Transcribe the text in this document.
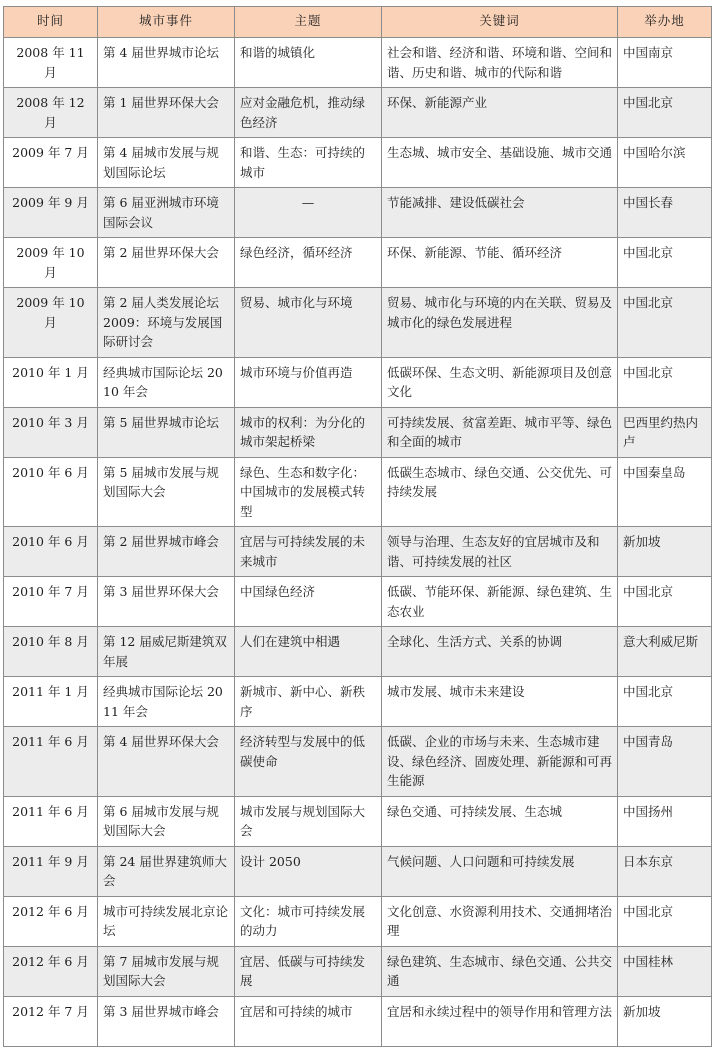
时间	城市事件	主题	关键词	举办地
2008 年 11 月	第 4 届世界城市论坛	和谐的城镇化	社会和谐、经济和谐、环境和谐、空间和谐、历史和谐、城市的代际和谐	中国南京
2008 年 12 月	第 1 届世界环保大会	应对金融危机，推动绿色经济	环保、新能源产业	中国北京
2009 年 7 月	第 4 届城市发展与规划国际论坛	和谐、生态：可持续的城市	生态城、城市安全、基础设施、城市交通	中国哈尔滨
2009 年 9 月	第 6 届亚洲城市环境国际会议	—	节能减排、建设低碳社会	中国长春
2009 年 10 月	第 2 届世界环保大会	绿色经济，循环经济	环保、新能源、节能、循环经济	中国北京
2009 年 10 月	第 2 届人类发展论坛 2009：环境与发展国际研讨会	贸易、城市化与环境	贸易、城市化与环境的内在关联、贸易及城市化的绿色发展进程	中国北京
2010 年 1 月	经典城市国际论坛 2010 年会	城市环境与价值再造	低碳环保、生态文明、新能源项目及创意文化	中国北京
2010 年 3 月	第 5 届世界城市论坛	城市的权利：为分化的城市架起桥梁	可持续发展、贫富差距、城市平等、绿色和全面的城市	巴西里约热内卢
2010 年 6 月	第 5 届城市发展与规划国际大会	绿色、生态和数字化：中国城市的发展模式转型	低碳生态城市、绿色交通、公交优先、可持续发展	中国秦皇岛
2010 年 6 月	第 2 届世界城市峰会	宜居与可持续发展的未来城市	领导与治理、生态友好的宜居城市及和谐、可持续发展的社区	新加坡
2010 年 7 月	第 3 届世界环保大会	中国绿色经济	低碳、节能环保、新能源、绿色建筑、生态农业	中国北京
2010 年 8 月	第 12 届威尼斯建筑双年展	人们在建筑中相遇	全球化、生活方式、关系的协调	意大利威尼斯
2011 年 1 月	经典城市国际论坛 2011 年会	新城市、新中心、新秩序	城市发展、城市未来建设	中国北京
2011 年 6 月	第 4 届世界环保大会	经济转型与发展中的低碳使命	低碳、企业的市场与未来、生态城市建设、绿色经济、固废处理、新能源和可再生能源	中国青岛
2011 年 6 月	第 6 届城市发展与规划国际大会	城市发展与规划国际大会	绿色交通、可持续发展、生态城	中国扬州
2011 年 9 月	第 24 届世界建筑师大会	设计 2050	气候问题、人口问题和可持续发展	日本东京
2012 年 6 月	城市可持续发展北京论坛	文化：城市可持续发展的动力	文化创意、水资源利用技术、交通拥堵治理	中国北京
2012 年 6 月	第 7 届城市发展与规划国际大会	宜居、低碳与可持续发展	绿色建筑、生态城市、绿色交通、公共交通	中国桂林
2012 年 7 月	第 3 届世界城市峰会	宜居和可持续的城市	宜居和永续过程中的领导作用和管理方法	新加坡
